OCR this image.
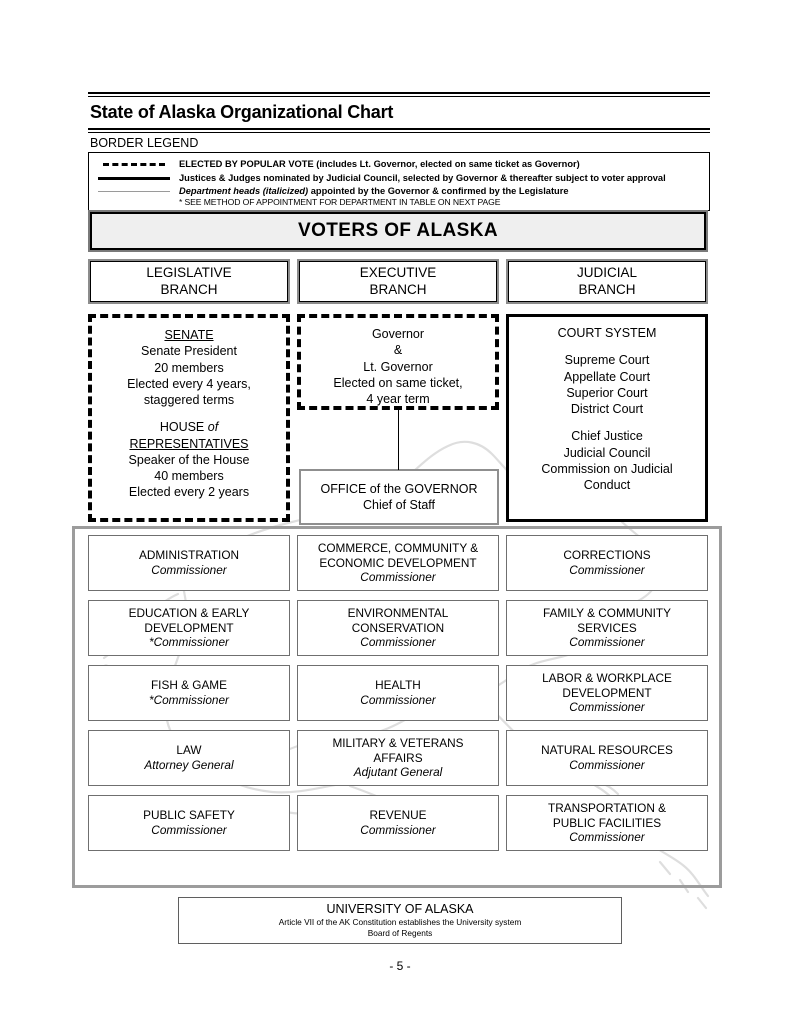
State of Alaska Organizational Chart
BORDER LEGEND
ELECTED BY POPULAR VOTE (includes Lt. Governor, elected on same ticket as Governor)
Justices & Judges nominated by Judicial Council, selected by Governor & thereafter subject to voter approval
Department heads (italicized) appointed by the Governor & confirmed by the Legislature
* SEE METHOD OF APPOINTMENT FOR DEPARTMENT IN TABLE ON NEXT PAGE
VOTERS OF ALASKA
LEGISLATIVE
BRANCH
EXECUTIVE
BRANCH
JUDICIAL
BRANCH
SENATE
Senate President
20 members
Elected every 4 years,
staggered terms
HOUSE of
REPRESENTATIVES
Speaker of the House
40 members
Elected every 2 years
Governor
&
Lt. Governor
Elected on same ticket,
4 year term
OFFICE of the GOVERNOR
Chief of Staff
COURT SYSTEM
Supreme Court
Appellate Court
Superior Court
District Court
Chief Justice
Judicial Council
Commission on Judicial
Conduct
ADMINISTRATION
Commissioner
COMMERCE, COMMUNITY &
ECONOMIC DEVELOPMENT
Commissioner
CORRECTIONS
Commissioner
EDUCATION & EARLY
DEVELOPMENT
*Commissioner
ENVIRONMENTAL
CONSERVATION
Commissioner
FAMILY & COMMUNITY
SERVICES
Commissioner
FISH & GAME
*Commissioner
HEALTH
Commissioner
LABOR & WORKPLACE
DEVELOPMENT
Commissioner
LAW
Attorney General
MILITARY & VETERANS
AFFAIRS
Adjutant General
NATURAL RESOURCES
Commissioner
PUBLIC SAFETY
Commissioner
REVENUE
Commissioner
TRANSPORTATION &
PUBLIC FACILITIES
Commissioner
UNIVERSITY OF ALASKA
Article VII of the AK Constitution establishes the University system
Board of Regents
- 5 -
